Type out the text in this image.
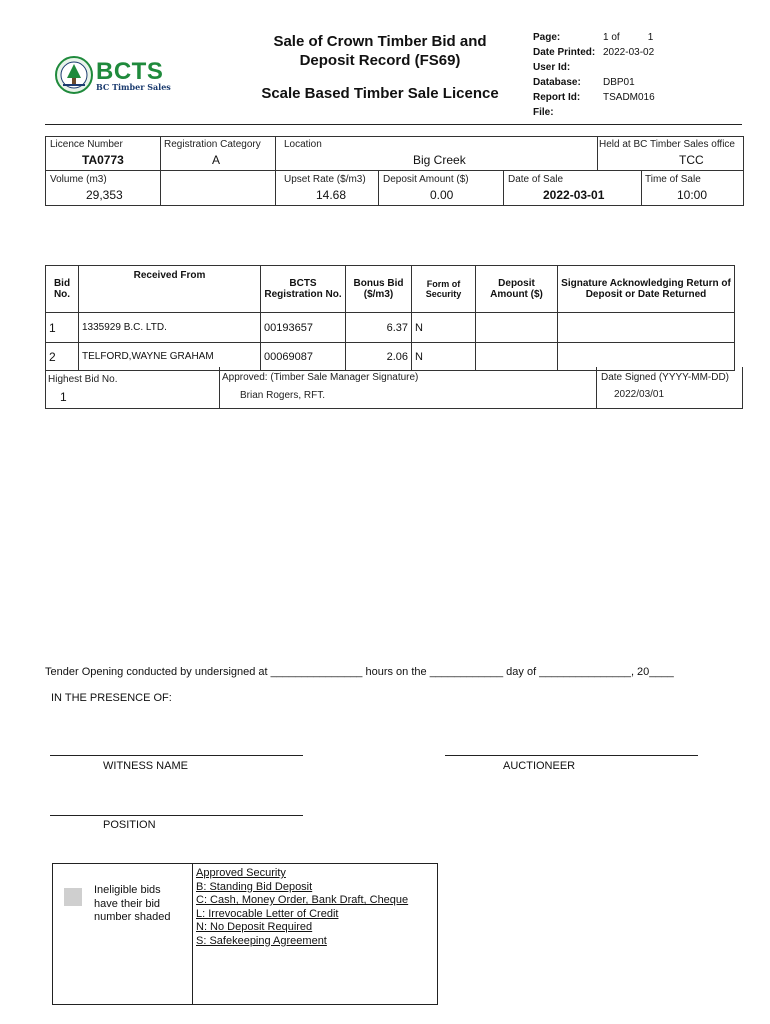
BCTS
BC Timber Sales
Sale of Crown Timber Bid and
Deposit Record (FS69)
Scale Based Timber Sale Licence
Page:	1 of	1
Date Printed: 2022-03-02
User Id:
Database: DBP01
Report Id: TSADM016
File:
Licence Number
TA0773
Registration Category
A
Location
Big Creek
Held at BC Timber Sales office
TCC
Volume (m3)
29,353
Upset Rate ($/m3)
14.68
Deposit Amount ($)
0.00
Date of Sale
2022-03-01
Time of Sale
10:00
Bid No.	Received From	BCTS Registration No.	Bonus Bid ($/m3)	Form of Security	Deposit Amount ($)	Signature Acknowledging Return of Deposit or Date Returned
1	1335929 B.C. LTD.	00193657	6.37	N		
2	TELFORD,WAYNE GRAHAM	00069087	2.06	N		
Highest Bid No.
1
Approved: (Timber Sale Manager Signature)
Brian Rogers, RFT.
Date Signed (YYYY-MM-DD)
2022/03/01
Tender Opening conducted by undersigned at _______________ hours on the ____________ day of _______________, 20____
IN THE PRESENCE OF:
WITNESS NAME	AUCTIONEER
POSITION
Ineligible bids
have their bid
number shaded
Approved Security
B: Standing Bid Deposit
C: Cash, Money Order, Bank Draft, Cheque
L: Irrevocable Letter of Credit
N: No Deposit Required
S: Safekeeping Agreement
